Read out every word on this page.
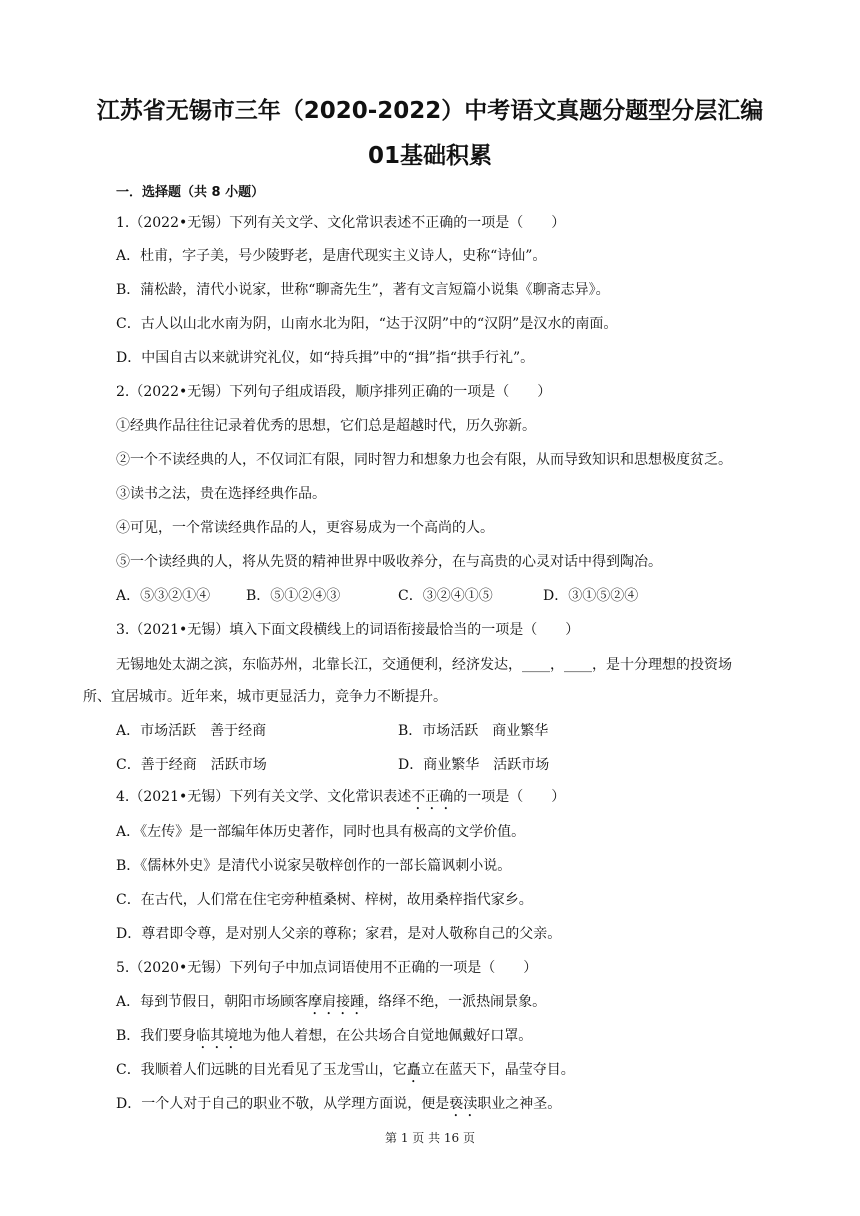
江苏省无锡市三年（2020-2022）中考语文真题分题型分层汇编
01基础积累
一．选择题（共 8 小题）
1.（2022•无锡）下列有关文学、文化常识表述不正确的一项是（　　）
A．杜甫，字子美，号少陵野老，是唐代现实主义诗人，史称“诗仙”。
B．蒲松龄，清代小说家，世称“聊斋先生”，著有文言短篇小说集《聊斋志异》。
C．古人以山北水南为阴，山南水北为阳，“达于汉阴”中的“汉阴”是汉水的南面。
D．中国自古以来就讲究礼仪，如“持兵揖”中的“揖”指“拱手行礼”。
2.（2022•无锡）下列句子组成语段，顺序排列正确的一项是（　　）
①经典作品往往记录着优秀的思想，它们总是超越时代，历久弥新。
②一个不读经典的人，不仅词汇有限，同时智力和想象力也会有限，从而导致知识和思想极度贫乏。
③读书之法，贵在选择经典作品。
④可见，一个常读经典作品的人，更容易成为一个高尚的人。
⑤一个读经典的人，将从先贤的精神世界中吸收养分，在与高贵的心灵对话中得到陶冶。
A．⑤③②①④	B．⑤①②④③	C．③②④①⑤	D．③①⑤②④
3.（2021•无锡）填入下面文段横线上的词语衔接最恰当的一项是（　　）
无锡地处太湖之滨，东临苏州，北靠长江，交通便利，经济发达，____，____，是十分理想的投资场
所、宜居城市。近年来，城市更显活力，竞争力不断提升。
A．市场活跃　善于经商	B．市场活跃　商业繁华
C．善于经商　活跃市场	D．商业繁华　活跃市场
4.（2021•无锡）下列有关文学、文化常识表述不正确的一项是（　　）
A．《左传》是一部编年体历史著作，同时也具有极高的文学价值。
B．《儒林外史》是清代小说家吴敬梓创作的一部长篇讽刺小说。
C．在古代，人们常在住宅旁种植桑树、梓树，故用桑梓指代家乡。
D．尊君即令尊，是对别人父亲的尊称；家君，是对人敬称自己的父亲。
5.（2020•无锡）下列句子中加点词语使用不正确的一项是（　　）
A．每到节假日，朝阳市场顾客摩肩接踵，络绎不绝，一派热闹景象。
B．我们要身临其境地为他人着想，在公共场合自觉地佩戴好口罩。
C．我顺着人们远眺的目光看见了玉龙雪山，它矗立在蓝天下，晶莹夺目。
D．一个人对于自己的职业不敬，从学理方面说，便是亵渎职业之神圣。
第 1 页 共 16 页
